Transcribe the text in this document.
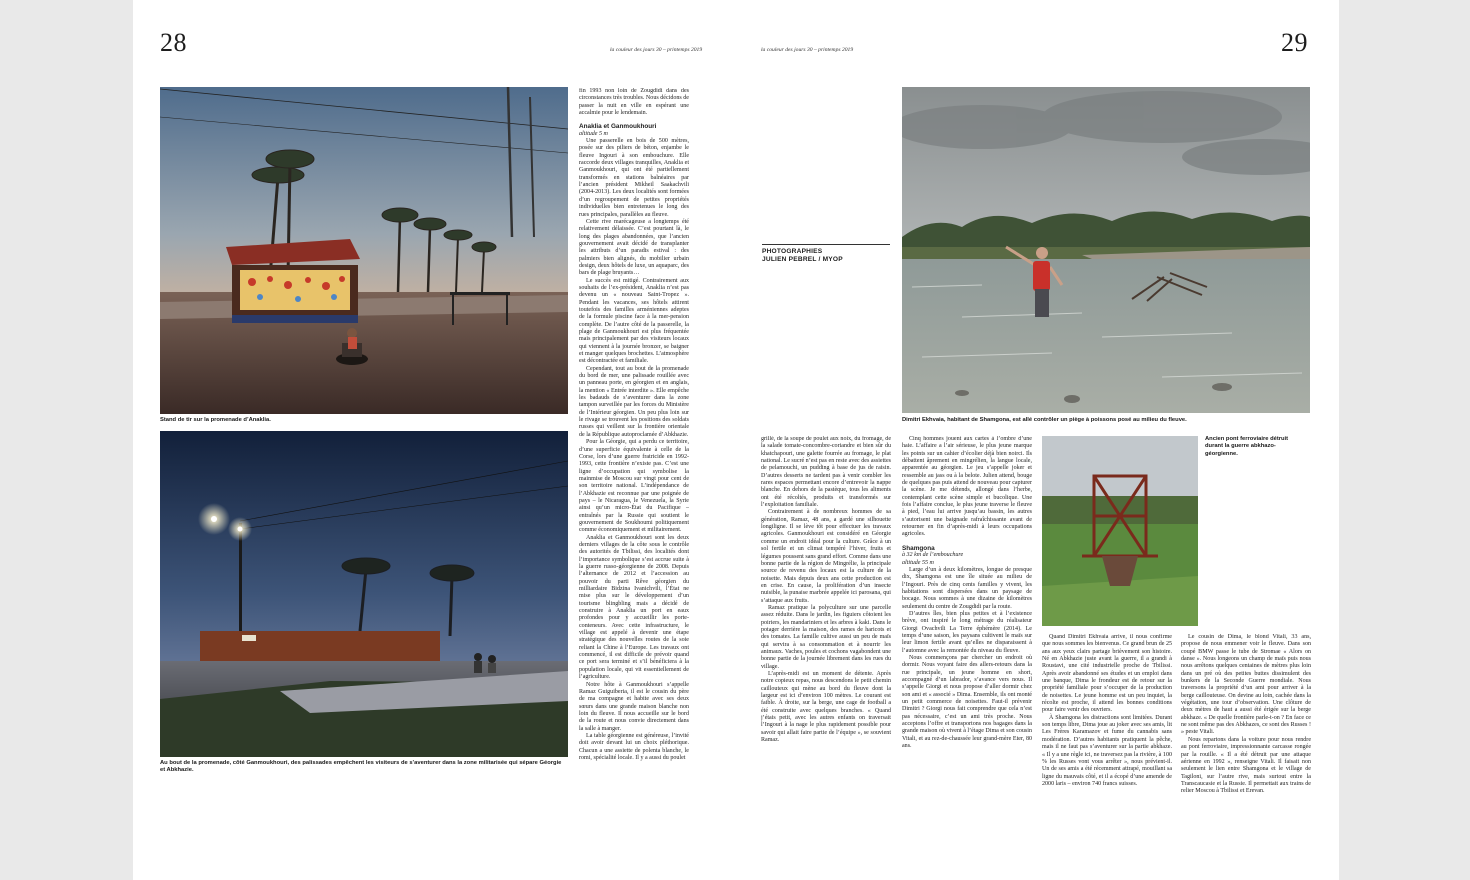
28	la couleur des jours 30 – printemps 2019
Stand de tir sur la promenade d’Anaklia.
Au bout de la promenade, côté Ganmoukhouri, des palissades empêchent les visiteurs de s’aventurer dans la zone militarisée qui sépare Géorgie et Abkhazie.

fin 1993 non loin de Zougdidi dans des circonstances très troubles. Nous décidons de passer la nuit en ville en espérant une accalmie pour le lendemain.

Anaklia et Ganmoukhouri

altitude 5 m

Une passerelle en bois de 500 mètres, posée sur des piliers de béton, enjambe le fleuve Ingouri à son embouchure. Elle raccorde deux villages tranquilles, Anaklia et Ganmoukhouri, qui ont été partiellement transformés en stations balnéaires par l’ancien président Mikheil Saakachvili (2004-2013). Les deux localités sont formées d’un regroupement de petites propriétés individuelles bien entretenues le long des rues principales, parallèles au fleuve.

Cette rive marécageuse a longtemps été relativement délaissée. C’est pourtant là, le long des plages abandonnées, que l’ancien gouvernement avait décidé de transplanter les attributs d’un paradis estival : des palmiers bien alignés, du mobilier urbain design, deux hôtels de luxe, un aquaparc, des bars de plage bruyants…

Le succès est mitigé. Contrairement aux souhaits de l’ex-président, Anaklia n’est pas devenu un « nouveau Saint-Tropez ». Pendant les vacances, ses hôtels attirent toutefois des familles arméniennes adeptes de la formule piscine face à la mer-pension complète. De l’autre côté de la passerelle, la plage de Ganmoukhouri est plus fréquentée mais principalement par des visiteurs locaux qui viennent à la journée bronzer, se baigner et manger quelques brochettes. L’atmosphère est décontractée et familiale.

Cependant, tout au bout de la promenade du bord de mer, une palissade rouillée avec un panneau porte, en géorgien et en anglais, la mention « Entrée interdite ». Elle empêche les badauds de s’aventurer dans la zone tampon surveillée par les forces du Ministère de l’Intérieur géorgien. Un peu plus loin sur le rivage se trouvent les positions des soldats russes qui veillent sur la frontière orientale de la République autoproclamée d’Abkhazie.

Pour la Géorgie, qui a perdu ce territoire, d’une superficie équivalente à celle de la Corse, lors d’une guerre fratricide en 1992-1993, cette frontière n’existe pas. C’est une ligne d’occupation qui symbolise la mainmise de Moscou sur vingt pour cent de son territoire national. L’indépendance de l’Abkhazie est reconnue par une poignée de pays – le Nicaragua, le Venezuela, la Syrie ainsi qu’un micro-État du Pacifique – entraînés par la Russie qui soutient le gouvernement de Soukhoumi politiquement comme économiquement et militairement.

Anaklia et Ganmoukhouri sont les deux derniers villages de la côte sous le contrôle des autorités de Tbilissi, des localités dont l’importance symbolique s’est accrue suite à la guerre russo-géorgienne de 2008. Depuis l’alternance de 2012 et l’accession au pouvoir du parti Rêve géorgien du milliardaire Bidzina Ivanichvili, l’État ne mise plus sur le développement d’un tourisme blingbling mais a décidé de construire à Anaklia un port en eaux profondes pour y accueillir les porte-conteneurs. Avec cette infrastructure, le village est appelé à devenir une étape stratégique des nouvelles routes de la soie reliant la Chine à l’Europe. Les travaux ont commencé, il est difficile de prévoir quand ce port sera terminé et s’il bénéficiera à la population locale, qui vit essentiellement de l’agriculture.

Notre hôte à Ganmoukhouri s’appelle Ramaz Guiguiberia, il est le cousin du père de ma compagne et habite avec ses deux sœurs dans une grande maison blanche non loin du fleuve. Il nous accueille sur le bord de la route et nous convie directement dans la salle à manger.

La table géorgienne est généreuse, l’invité doit avoir devant lui un choix pléthorique. Chacun a une assiette de polenta blanche, le romi, spécialité locale. Il y a aussi du poulet

la couleur des jours 30 – printemps 2019	29
PHOTOGRAPHIES
JULIEN PEBREL / MYOP
Dimitri Ekhvaia, habitant de Shamgona, est allé contrôler un piège à poissons posé au milieu du fleuve.
Ancien pont ferroviaire détruit durant la guerre abkhazo-géorgienne.

grillé, de la soupe de poulet aux noix, du fromage, de la salade tomate-concombre-coriandre et bien sûr du khatchapouri, une galette fourrée au fromage, le plat national. Le sucré n’est pas en reste avec des assiettes de pelamouchi, un pudding à base de jus de raisin. D’autres desserts ne tardent pas à venir combler les rares espaces permettant encore d’entrevoir la nappe blanche. En dehors de la pastèque, tous les aliments ont été récoltés, produits et transformés sur l’exploitation familiale.

Contrairement à de nombreux hommes de sa génération, Ramaz, 48 ans, a gardé une silhouette longiligne. Il se lève tôt pour effectuer les travaux agricoles. Ganmoukhouri est considéré en Géorgie comme un endroit idéal pour la culture. Grâce à un sol fertile et un climat tempéré l’hiver, fruits et légumes poussent sans grand effort. Comme dans une bonne partie de la région de Mingrélie, la principale source de revenu des locaux est la culture de la noisette. Mais depuis deux ans cette production est en crise. En cause, la prolifération d’un insecte nuisible, la punaise marbrée appelée ici parosana, qui s’attaque aux fruits.

Ramaz pratique la polyculture sur une parcelle assez réduite. Dans le jardin, les figuiers côtoient les poiriers, les mandariniers et les arbres à kaki. Dans le potager derrière la maison, des rames de haricots et des tomates. La famille cultive aussi un peu de maïs qui servira à sa consommation et à nourrir les animaux. Vaches, poules et cochons vagabondent une bonne partie de la journée librement dans les rues du village.

L’après-midi est un moment de détente. Après notre copieux repas, nous descendons le petit chemin caillouteux qui mène au bord du fleuve dont la largeur est ici d’environ 100 mètres. Le courant est faible. À droite, sur la berge, une cage de football a été construite avec quelques branches. « Quand j’étais petit, avec les autres enfants on traversait l’Ingouri à la nage le plus rapidement possible pour savoir qui allait faire partie de l’équipe », se souvient Ramaz.

Cinq hommes jouent aux cartes à l’ombre d’une haie. L’affaire a l’air sérieuse, le plus jeune marque les points sur un cahier d’écolier déjà bien noirci. Ils débattent âprement en mingrélien, la langue locale, apparentée au géorgien. Le jeu s’appelle joker et ressemble au jass ou à la belote. Julien attend, bouge de quelques pas puis attend de nouveau pour capturer la scène. Je me détends, allongé dans l’herbe, contemplant cette scène simple et bucolique. Une fois l’affaire conclue, le plus jeune traverse le fleuve à pied, l’eau lui arrive jusqu’au bassin, les autres s’autorisent une baignade rafraîchissante avant de retourner en fin d’après-midi à leurs occupations agricoles.

Shamgona

à 32 km de l’embouchure

altitude 55 m

Large d’un à deux kilomètres, longue de presque dix, Shamgona est une île située au milieu de l’Ingouri. Près de cinq cents familles y vivent, les habitations sont dispersées dans un paysage de bocage. Nous sommes à une dizaine de kilomètres seulement du centre de Zougdidi par la route.

D’autres îles, bien plus petites et à l’existence brève, ont inspiré le long métrage du réalisateur Giorgi Ovachvili La Terre éphémère (2014). Le temps d’une saison, les paysans cultivent le maïs sur leur limon fertile avant qu’elles ne disparaissent à l’automne avec la remontée du niveau du fleuve.

Nous commençons par chercher un endroit où dormir. Nous voyant faire des allers-retours dans la rue principale, un jeune homme en short, accompagné d’un labrador, s’avance vers nous. Il s’appelle Giorgi et nous propose d’aller dormir chez son ami et « associé » Dima. Ensemble, ils ont monté un petit commerce de noisettes. Faut-il prévenir Dimitri ? Giorgi nous fait comprendre que cela n’est pas nécessaire, c’est un ami très proche. Nous acceptons l’offre et transportons nos bagages dans la grande maison où vivent à l’étage Dima et son cousin Vitali, et au rez-de-chaussée leur grand-mère Eter, 80 ans.

Quand Dimitri Ekhvaia arrive, il nous confirme que nous sommes les bienvenus. Ce grand brun de 25 ans aux yeux clairs partage brièvement son histoire. Né en Abkhazie juste avant la guerre, il a grandi à Roustavi, une cité industrielle proche de Tbilissi. Après avoir abandonné ses études et un emploi dans une banque, Dima le frondeur est de retour sur la propriété familiale pour s’occuper de la production de noisettes. Le jeune homme est un peu inquiet, la récolte est proche, il attend les bonnes conditions pour faire venir des ouvriers.

À Shamgona les distractions sont limitées. Durant son temps libre, Dima joue au joker avec ses amis, lit Les Frères Karamazov et fume du cannabis sans modération. D’autres habitants pratiquent la pêche, mais il ne faut pas s’aventurer sur la partie abkhaze. « Il y a une règle ici, ne traversez pas la rivière, à 100 % les Russes vont vous arrêter », nous prévient-il. Un de ses amis a été récemment attrapé, mouillant sa ligne du mauvais côté, et il a écopé d’une amende de 2000 laris – environ 740 francs suisses.

Le cousin de Dima, le blond Vitali, 33 ans, propose de nous emmener voir le fleuve. Dans son coupé BMW passe le tube de Stromae « Alors on danse ». Nous longeons un champ de maïs puis nous nous arrêtons quelques centaines de mètres plus loin dans un pré où des petites buttes dissimulent des bunkers de la Seconde Guerre mondiale. Nous traversons la propriété d’un ami pour arriver à la berge caillouteuse. On devine au loin, cachée dans la végétation, une tour d’observation. Une clôture de deux mètres de haut a aussi été érigée sur la berge abkhaze. « De quelle frontière parle-t-on ? En face ce ne sont même pas des Abkhazes, ce sont des Russes ! » peste Vitali.

Nous repartons dans la voiture pour nous rendre au pont ferroviaire, impressionnante carcasse rongée par la rouille. « Il a été détruit par une attaque aérienne en 1992 », renseigne Vitali. Il faisait non seulement le lien entre Shamgona et le village de Tagiloni, sur l’autre rive, mais surtout entre la Transcaucasie et la Russie. Il permettait aux trains de relier Moscou à Tbilissi et Erevan.
